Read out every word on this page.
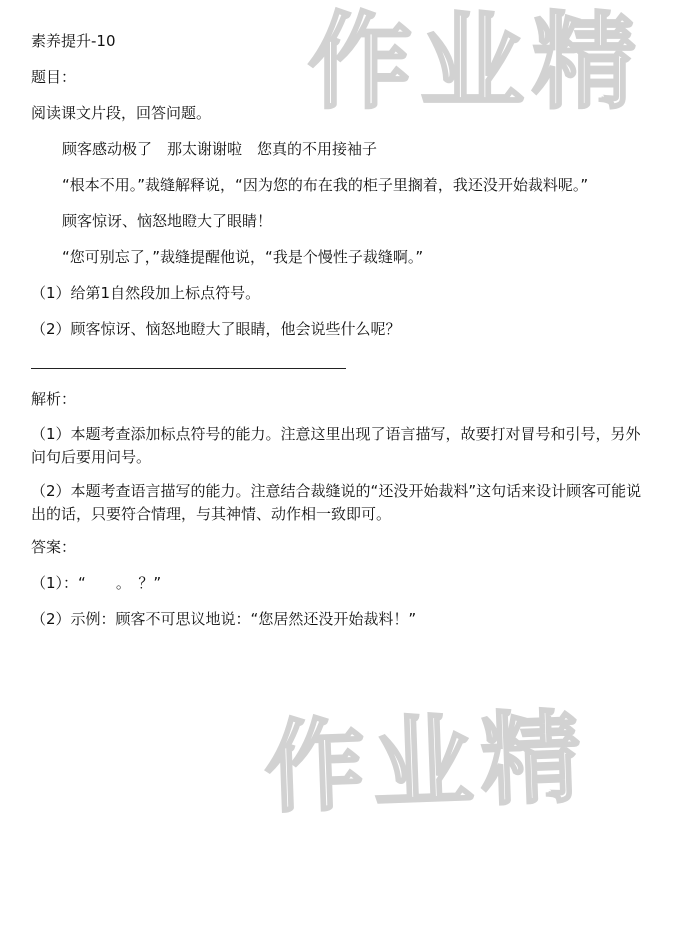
作业精
作业精
素养提升-10
题目：
阅读课文片段，回答问题。
顾客感动极了　那太谢谢啦　您真的不用接袖子
“根本不用。”裁缝解释说，“因为您的布在我的柜子里搁着，我还没开始裁料呢。”
顾客惊讶、恼怒地瞪大了眼睛！
“您可别忘了，”裁缝提醒他说，“我是个慢性子裁缝啊。”
（1）给第1自然段加上标点符号。
（2）顾客惊讶、恼怒地瞪大了眼睛，他会说些什么呢？
解析：
（1）本题考查添加标点符号的能力。注意这里出现了语言描写，故要打对冒号和引号，另外问句后要用问号。
（2）本题考查语言描写的能力。注意结合裁缝说的“还没开始裁料”这句话来设计顾客可能说出的话，只要符合情理，与其神情、动作相一致即可。
答案：
（1）：“　　。　？”
（2）示例：顾客不可思议地说：“您居然还没开始裁料！”
